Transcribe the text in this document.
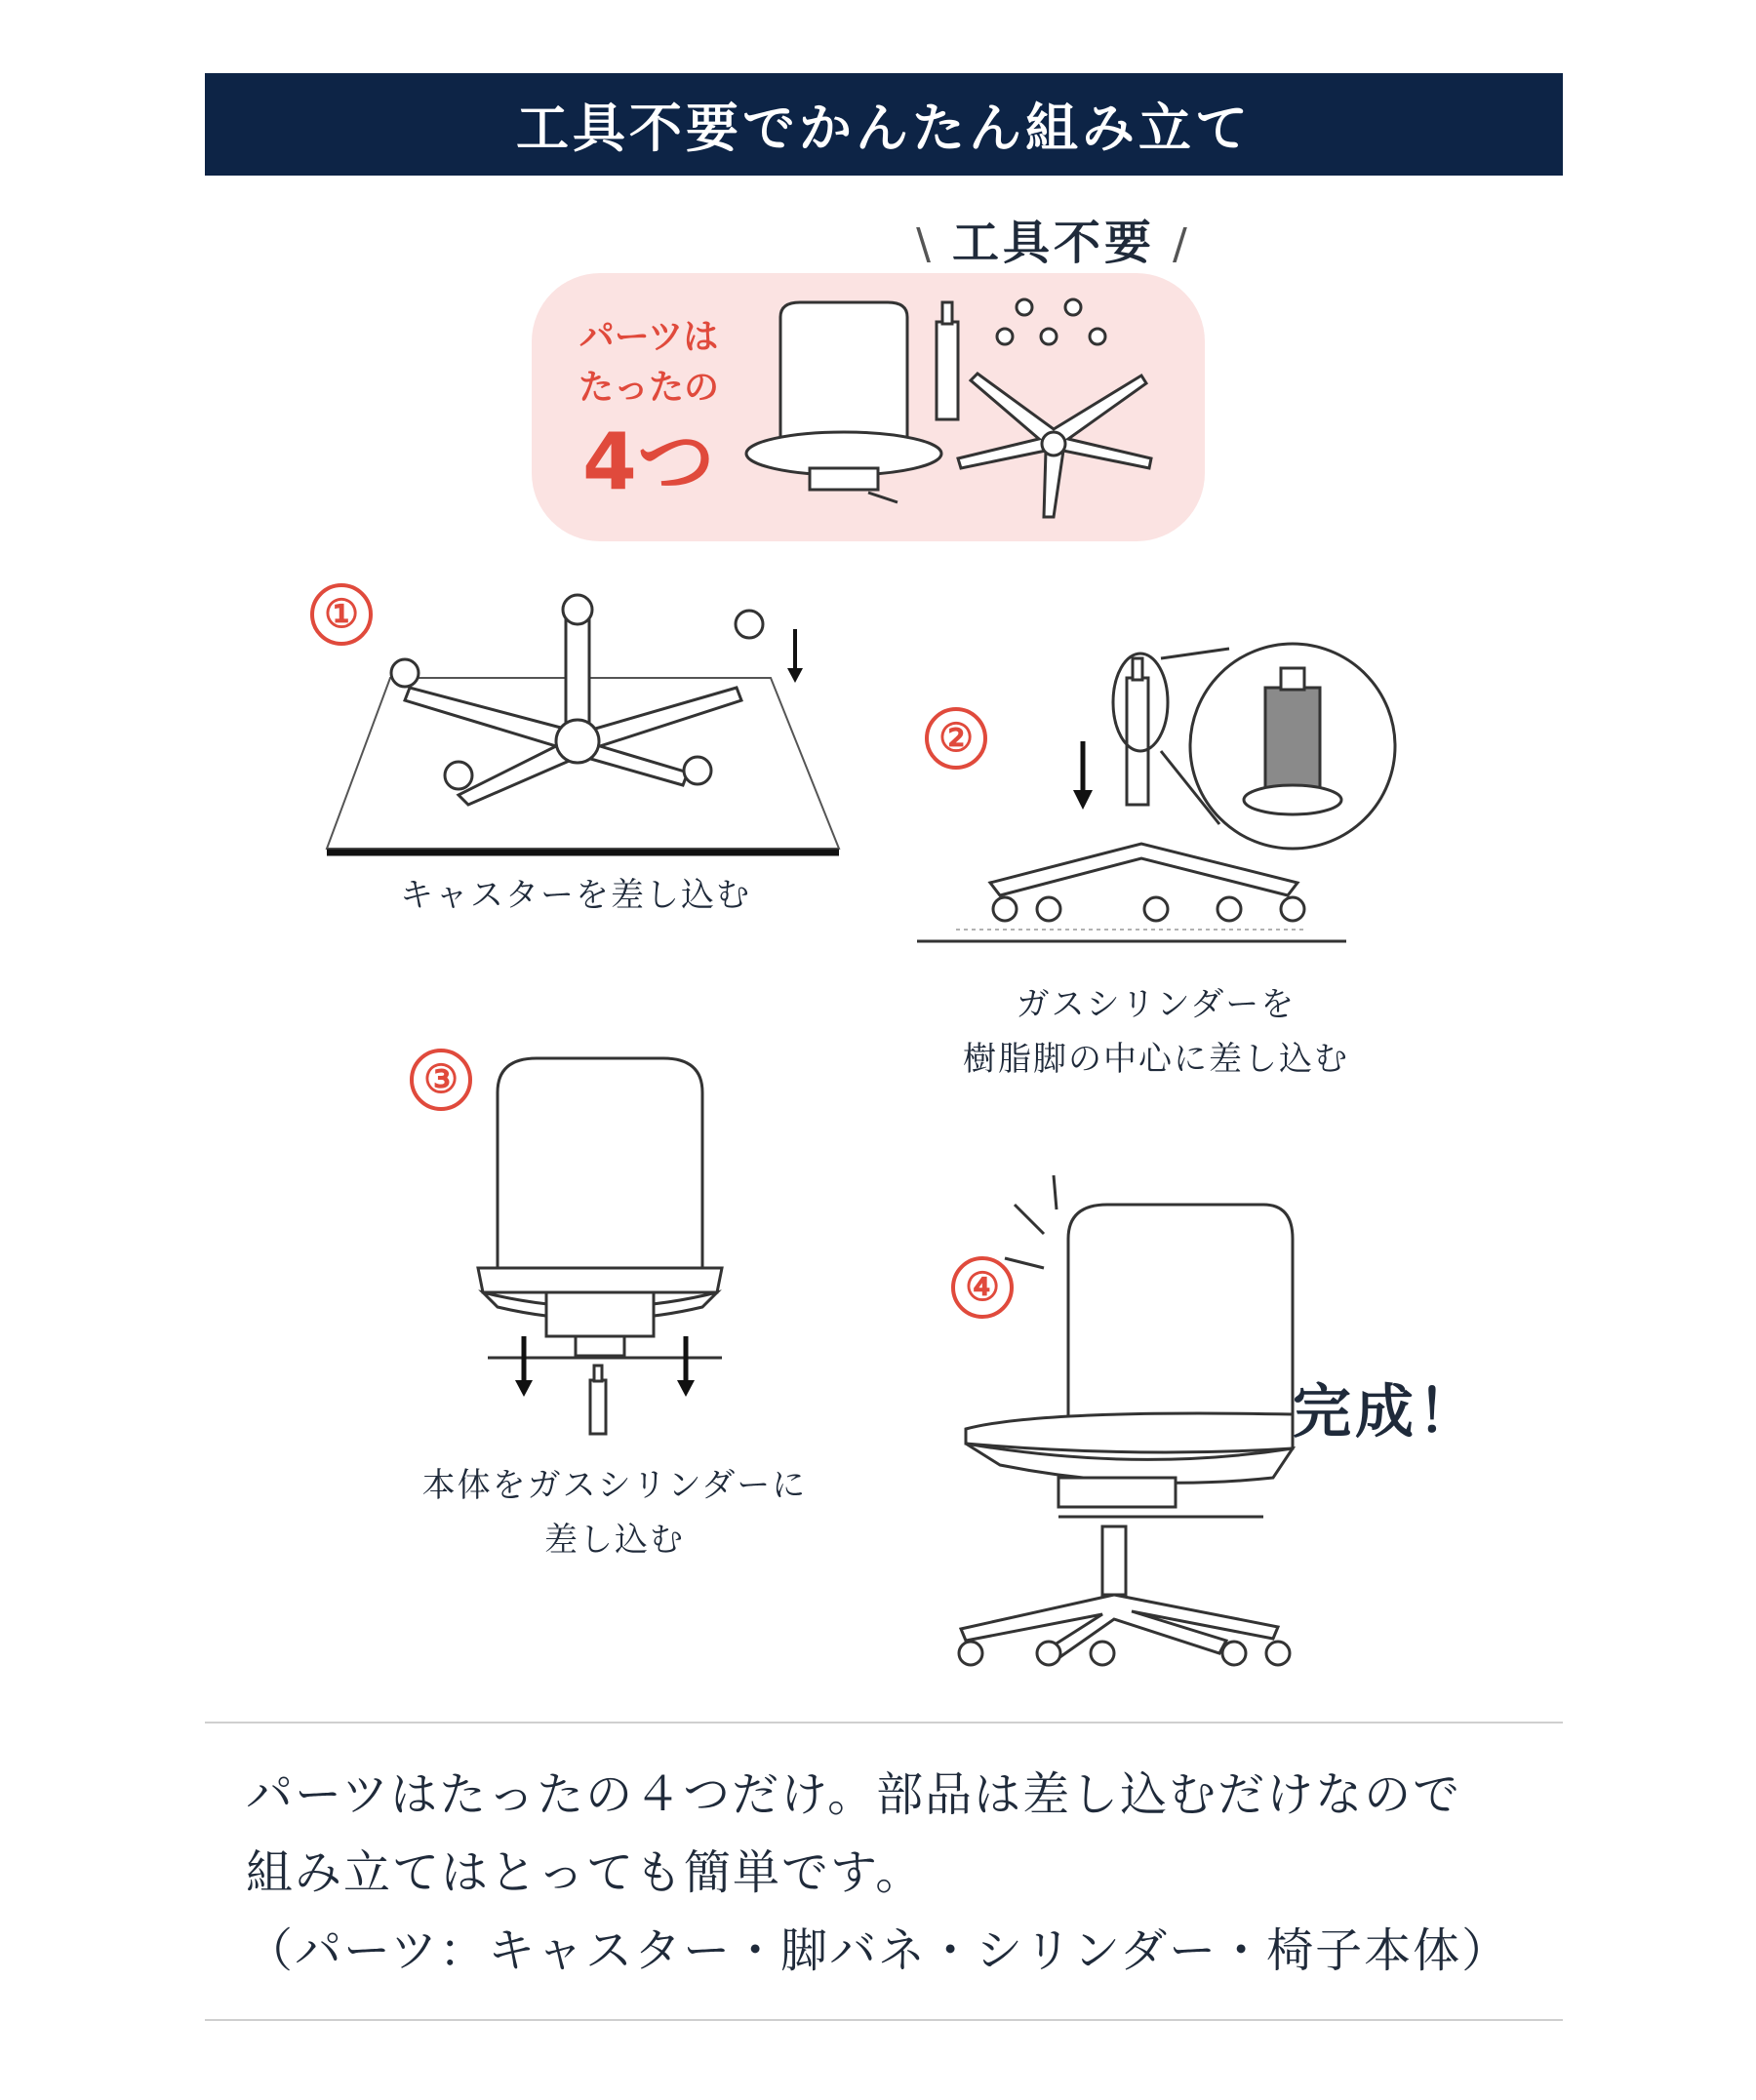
工具不要でかんたん組み立て
\ 工具不要 /
パーツは
たったの
4つ
①
キャスターを差し込む
②
ガスシリンダーを
樹脂脚の中心に差し込む
③
本体をガスシリンダーに
差し込む
④
完成！

パーツはたったの４つだけ。部品は差し込むだけなので

組み立てはとっても簡単です。

（パーツ：キャスター・脚バネ・シリンダー・椅子本体）
